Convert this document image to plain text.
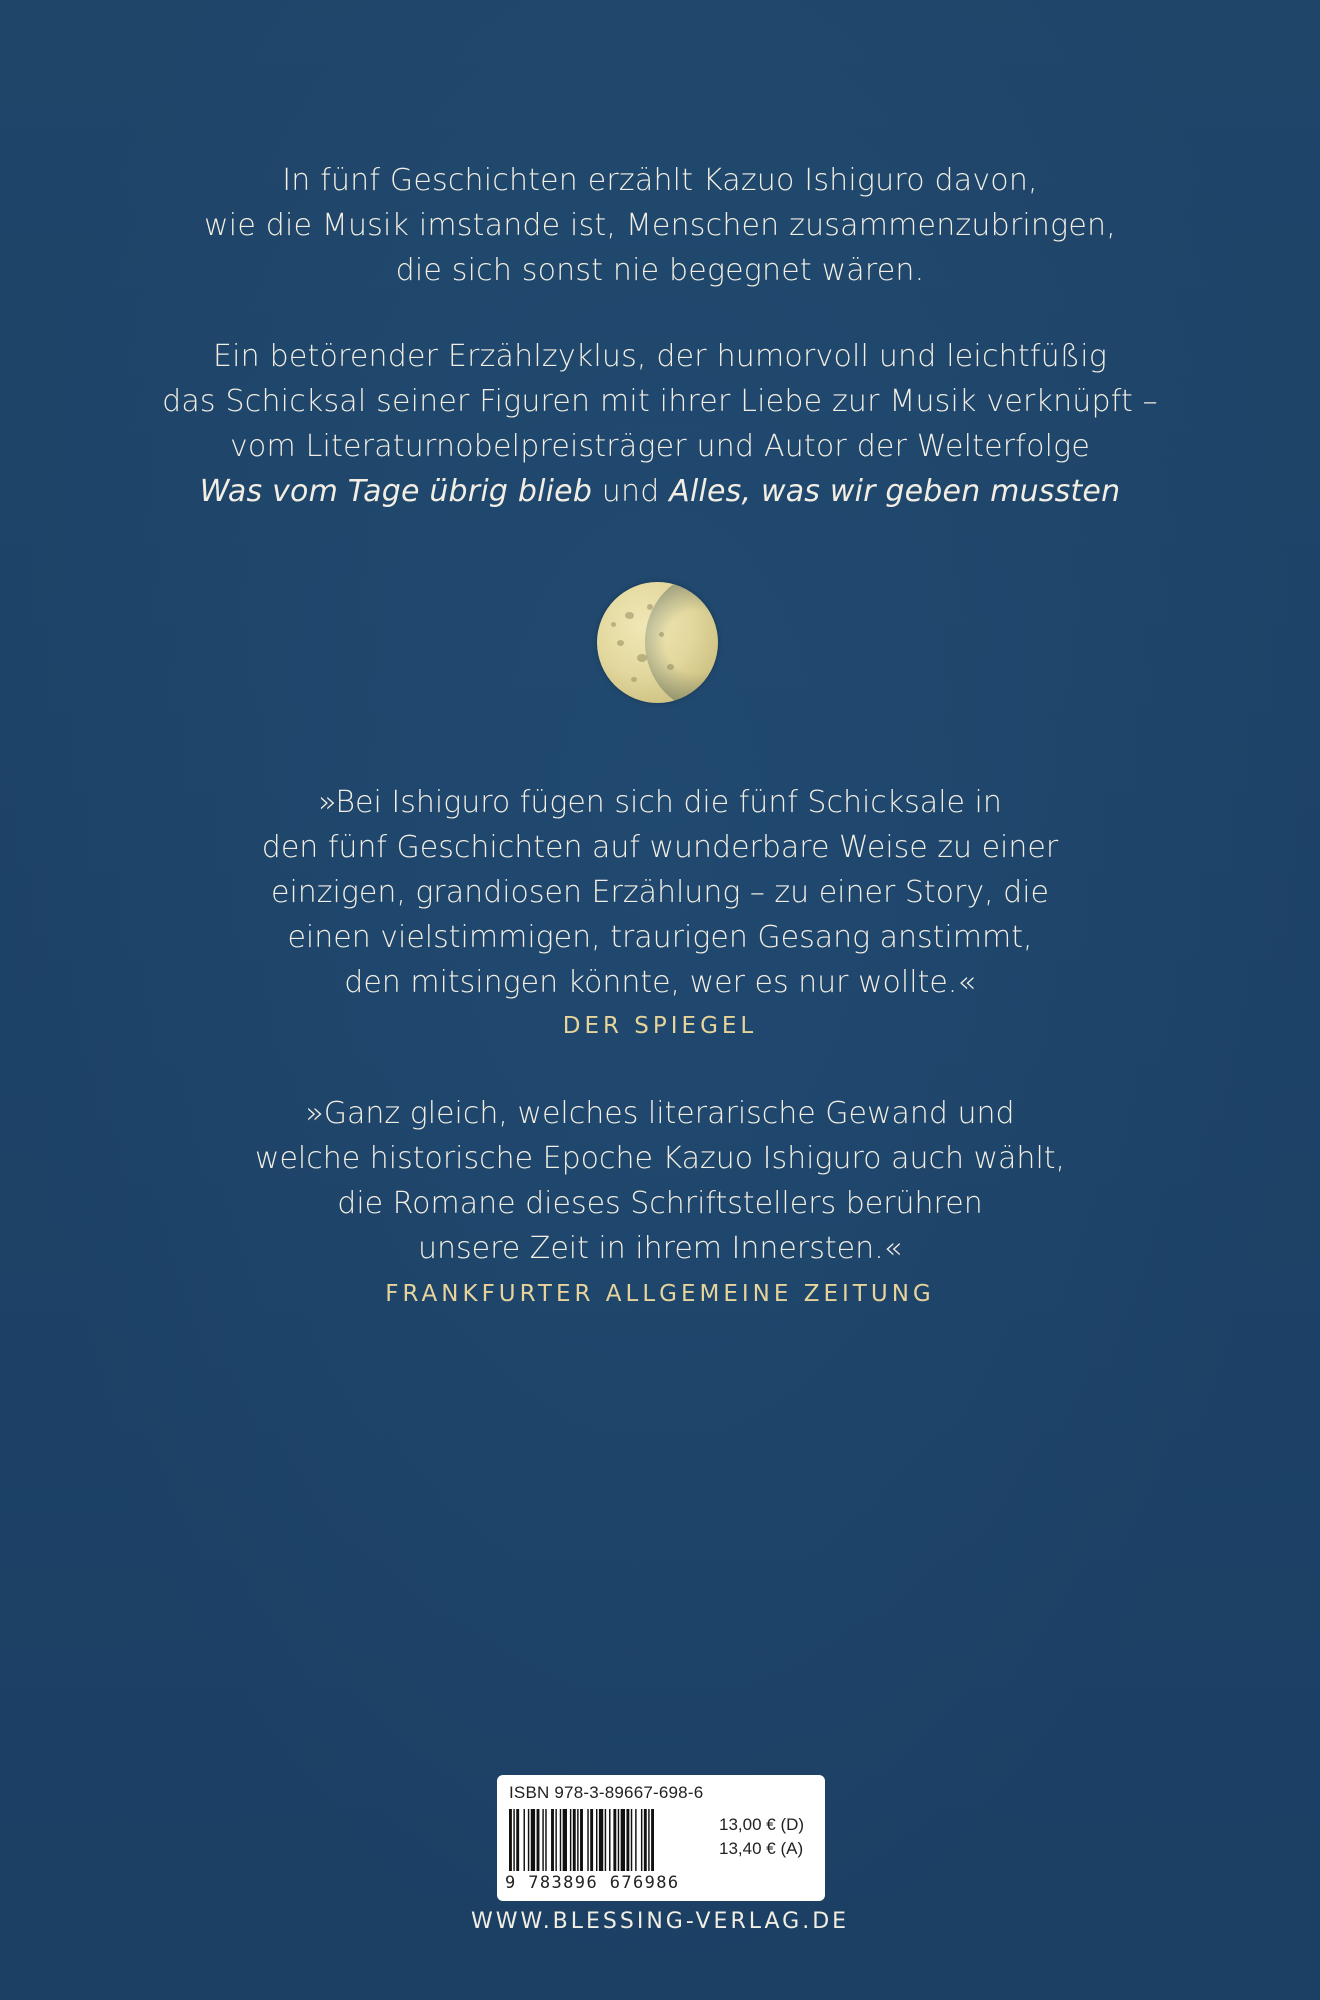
In fünf Geschichten erzählt Kazuo Ishiguro davon,
wie die Musik imstande ist, Menschen zusammenzubringen,
die sich sonst nie begegnet wären.
Ein betörender Erzählzyklus, der humorvoll und leichtfüßig
das Schicksal seiner Figuren mit ihrer Liebe zur Musik verknüpft –
vom Literaturnobelpreisträger und Autor der Welterfolge
Was vom Tage übrig blieb und Alles, was wir geben mussten
»Bei Ishiguro fügen sich die fünf Schicksale in
den fünf Geschichten auf wunderbare Weise zu einer
einzigen, grandiosen Erzählung – zu einer Story, die
einen vielstimmigen, traurigen Gesang anstimmt,
den mitsingen könnte, wer es nur wollte.«
DER SPIEGEL
»Ganz gleich, welches literarische Gewand und
welche historische Epoche Kazuo Ishiguro auch wählt,
die Romane dieses Schriftstellers berühren
unsere Zeit in ihrem Innersten.«
FRANKFURTER ALLGEMEINE ZEITUNG
ISBN 978-3-89667-698-6
9 783896 676986
13,00 € (D)
13,40 € (A)
WWW.BLESSING-VERLAG.DE
